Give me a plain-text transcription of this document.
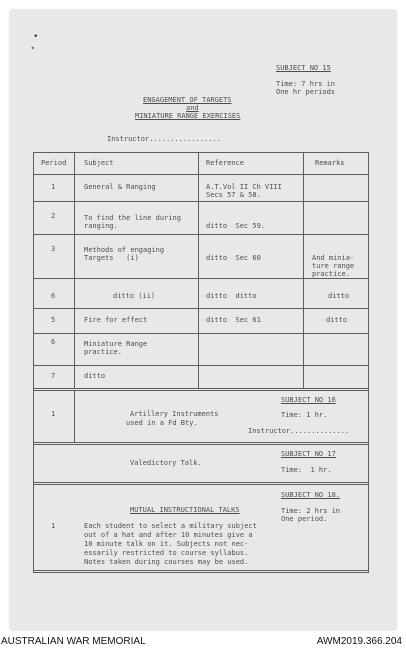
•
⋆
SUBJECT NO 15
Time: 7 hrs in
One hr periods
ENGAGEMENT OF TARGETS
and
MINIATURE RANGE EXERCISES
Instructor.................
Period	Subject	Reference	Remarks
1	General & Ranging	A.T.Vol II Ch VIII
Secs 57 & 58.
2	To find the line during
ranging.	ditto  Sec 59.
3	Methods of engaging
Targets   (i)	ditto  Sec 60	And minia-
ture range
practice.
6	ditto (ii)	ditto  ditto	ditto
5	Fire for effect	ditto  Sec 61	ditto
6	Miniature Range
practice.
7	ditto
SUBJECT NO 16
1	Artillery Instruments	Time: 1 hr.
used in a Fd Bty.
Instructor..............
SUBJECT NO 17
Valedictory Talk.
Time:  1 hr.
SUBJECT NO 18.
MUTUAL INSTRUCTIONAL TALKS	Time: 2 hrs in
One period.
1	Each student to select a military subject
out of a hat and after 10 minutes give a
10 minute talk on it. Subjects not nec-
essarily restricted to course syllabus.
Notes taken during courses may be used.
AUSTRALIAN WAR MEMORIAL	AWM2019.366.204
